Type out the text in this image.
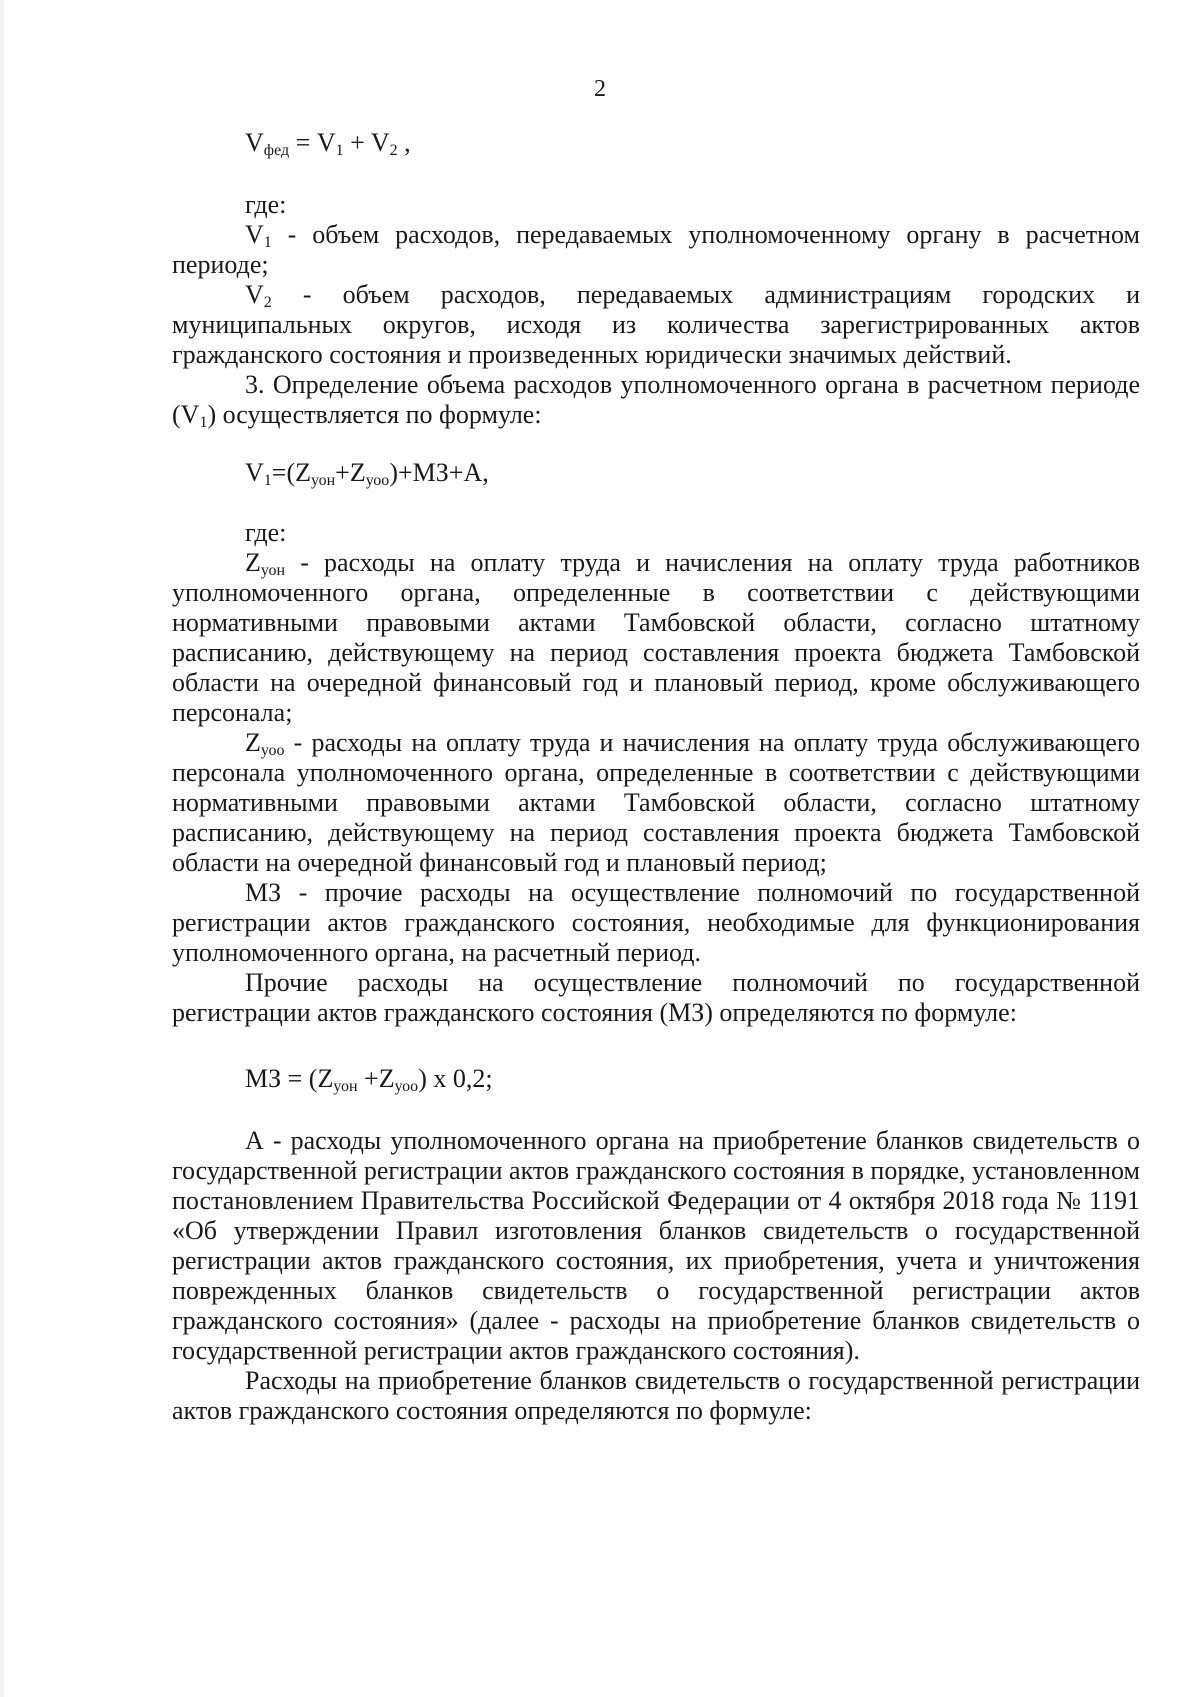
2

$V_{фед} = V_1 + V_2$ ,

где:

$V_1$ - объем расходов, передаваемых уполномоченному органу в расчетном периоде;

$V_2$ - объем расходов, передаваемых администрациям городских и муниципальных округов, исходя из количества зарегистрированных актов гражданского состояния и произведенных юридически значимых действий.

3. Определение объема расходов уполномоченного органа в расчетном периоде $(V_1)$ осуществляется по формуле:

$V_1=(Z_{уон}+Z_{уоо})+МЗ+А$,

где:

$Z_{уон}$ - расходы на оплату труда и начисления на оплату труда работников уполномоченного органа, определенные в соответствии с действующими нормативными правовыми актами Тамбовской области, согласно штатному расписанию, действующему на период составления проекта бюджета Тамбовской области на очередной финансовый год и плановый период, кроме обслуживающего персонала;

$Z_{уоо}$ - расходы на оплату труда и начисления на оплату труда обслуживающего персонала уполномоченного органа, определенные в соответствии с действующими нормативными правовыми актами Тамбовской области, согласно штатному расписанию, действующему на период составления проекта бюджета Тамбовской области на очередной финансовый год и плановый период;

МЗ - прочие расходы на осуществление полномочий по государственной регистрации актов гражданского состояния, необходимые для функционирования уполномоченного органа, на расчетный период.

Прочие расходы на осуществление полномочий по государственной регистрации актов гражданского состояния (МЗ) определяются по формуле:

МЗ = $(Z_{уон} +Z_{уоо})$ х 0,2;

А - расходы уполномоченного органа на приобретение бланков свидетельств о государственной регистрации актов гражданского состояния в порядке, установленном постановлением Правительства Российской Федерации от 4 октября 2018 года № 1191 «Об утверждении Правил изготовления бланков свидетельств о государственной регистрации актов гражданского состояния, их приобретения, учета и уничтожения поврежденных бланков свидетельств о государственной регистрации актов гражданского состояния» (далее - расходы на приобретение бланков свидетельств о государственной регистрации актов гражданского состояния).

Расходы на приобретение бланков свидетельств о государственной регистрации актов гражданского состояния определяются по формуле:
